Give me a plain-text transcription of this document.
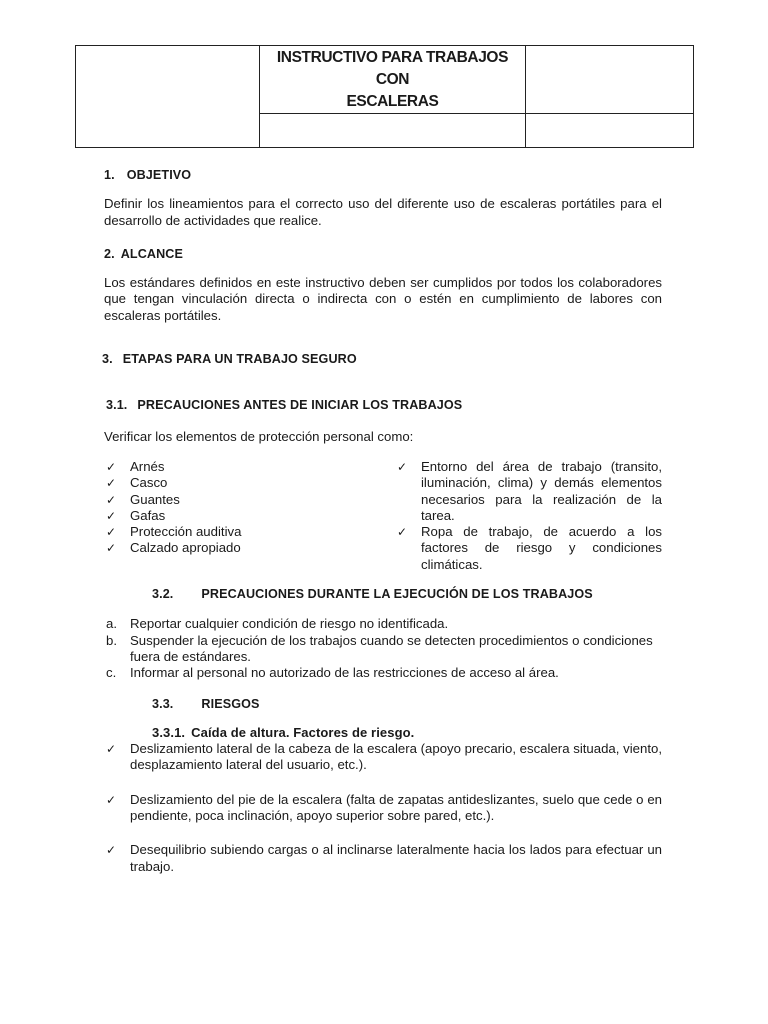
	INSTRUCTIVO PARA TRABAJOS CON
ESCALERAS	

1. OBJETIVO

Definir los lineamientos para el correcto uso del diferente uso de escaleras portátiles para el desarrollo de actividades que realice.

2. ALCANCE

Los estándares definidos en este instructivo deben ser cumplidos por todos los colaboradores que tengan vinculación directa o indirecta con o estén en cumplimiento de labores con escaleras portátiles.

3. ETAPAS PARA UN TRABAJO SEGURO
3.1. PRECAUCIONES ANTES DE INICIAR LOS TRABAJOS

Verificar los elementos de protección personal como:

✓	Arnés
✓	Casco
✓	Guantes
✓	Gafas
✓	Protección auditiva
✓	Calzado apropiado
✓	Entorno del área de trabajo (transito, iluminación, clima) y demás elementos necesarios para la realización de la tarea.
✓	Ropa de trabajo, de acuerdo a los factores de riesgo y condiciones climáticas.
3.2. PRECAUCIONES DURANTE LA EJECUCIÓN DE LOS TRABAJOS
a. Reportar cualquier condición de riesgo no identificada.
b. Suspender la ejecución de los trabajos cuando se detecten procedimientos o condiciones fuera de estándares.
c.	Informar al personal no autorizado de las restricciones de acceso al área.
3.3. RIESGOS
3.3.1. Caída de altura. Factores de riesgo.
✓	Deslizamiento lateral de la cabeza de la escalera (apoyo precario, escalera situada, viento, desplazamiento lateral del usuario, etc.).
✓	Deslizamiento del pie de la escalera (falta de zapatas antideslizantes, suelo que cede o en pendiente, poca inclinación, apoyo superior sobre pared, etc.).
✓	Desequilibrio subiendo cargas o al inclinarse lateralmente hacia los lados para efectuar un trabajo.
